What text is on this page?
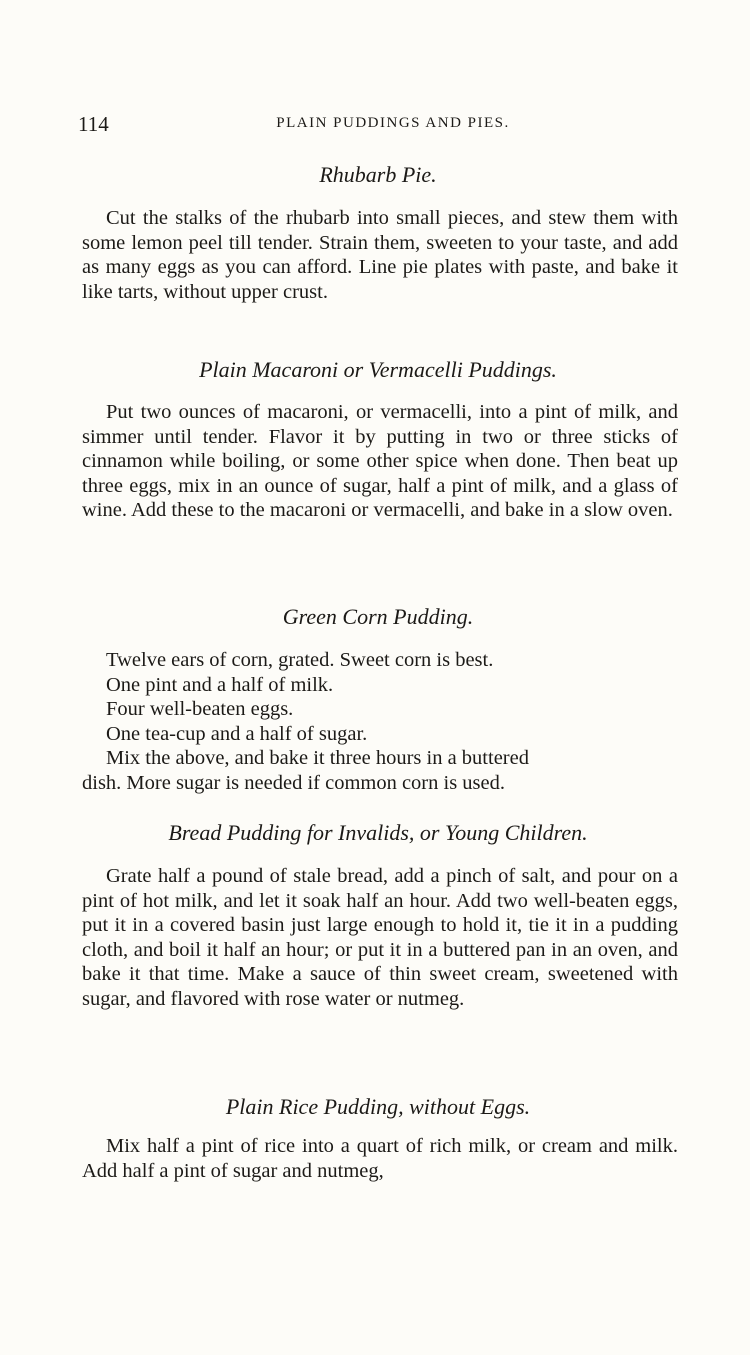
114	PLAIN PUDDINGS AND PIES.
Rhubarb Pie.

Cut the stalks of the rhubarb into small pieces, and stew them with some lemon peel till tender. Strain them, sweeten to your taste, and add as many eggs as you can afford. Line pie plates with paste, and bake it like tarts, without upper crust.

Plain Macaroni or Vermacelli Puddings.

Put two ounces of macaroni, or vermacelli, into a pint of milk, and simmer until tender. Flavor it by putting in two or three sticks of cinnamon while boiling, or some other spice when done. Then beat up three eggs, mix in an ounce of sugar, half a pint of milk, and a glass of wine. Add these to the macaroni or vermacelli, and bake in a slow oven.

Green Corn Pudding.
Twelve ears of corn, grated. Sweet corn is best.
One pint and a half of milk.
Four well-beaten eggs.
One tea-cup and a half of sugar.
Mix the above, and bake it three hours in a buttered
dish. More sugar is needed if common corn is used.
Bread Pudding for Invalids, or Young Children.

Grate half a pound of stale bread, add a pinch of salt, and pour on a pint of hot milk, and let it soak half an hour. Add two well-beaten eggs, put it in a covered basin just large enough to hold it, tie it in a pudding cloth, and boil it half an hour; or put it in a buttered pan in an oven, and bake it that time. Make a sauce of thin sweet cream, sweetened with sugar, and flavored with rose water or nutmeg.

Plain Rice Pudding, without Eggs.

Mix half a pint of rice into a quart of rich milk, or cream and milk. Add half a pint of sugar and nutmeg,
